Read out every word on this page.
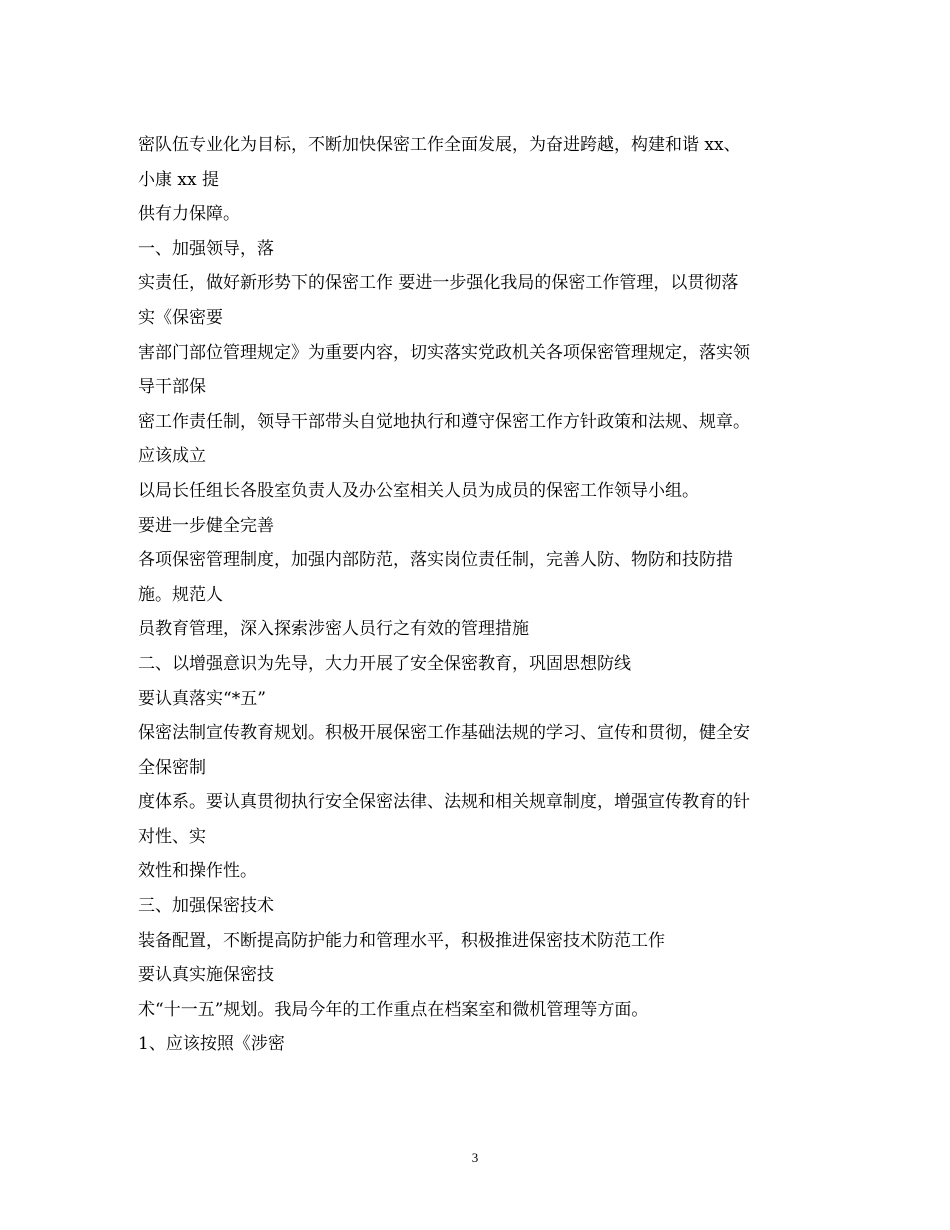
密队伍专业化为目标，不断加快保密工作全面发展，为奋进跨越，构建和谐 xx、
小康 xx 提
供有力保障。
一、加强领导，落
实责任，做好新形势下的保密工作 要进一步强化我局的保密工作管理，以贯彻落
实《保密要
害部门部位管理规定》为重要内容，切实落实党政机关各项保密管理规定，落实领
导干部保
密工作责任制，领导干部带头自觉地执行和遵守保密工作方针政策和法规、规章。
应该成立
以局长任组长各股室负责人及办公室相关人员为成员的保密工作领导小组。
要进一步健全完善
各项保密管理制度，加强内部防范，落实岗位责任制，完善人防、物防和技防措
施。规范人
员教育管理，深入探索涉密人员行之有效的管理措施
二、以增强意识为先导，大力开展了安全保密教育，巩固思想防线
要认真落实“*五”
保密法制宣传教育规划。积极开展保密工作基础法规的学习、宣传和贯彻，健全安
全保密制
度体系。要认真贯彻执行安全保密法律、法规和相关规章制度，增强宣传教育的针
对性、实
效性和操作性。
三、加强保密技术
装备配置，不断提高防护能力和管理水平，积极推进保密技术防范工作
要认真实施保密技
术“十一五”规划。我局今年的工作重点在档案室和微机管理等方面。
1、应该按照《涉密
3
